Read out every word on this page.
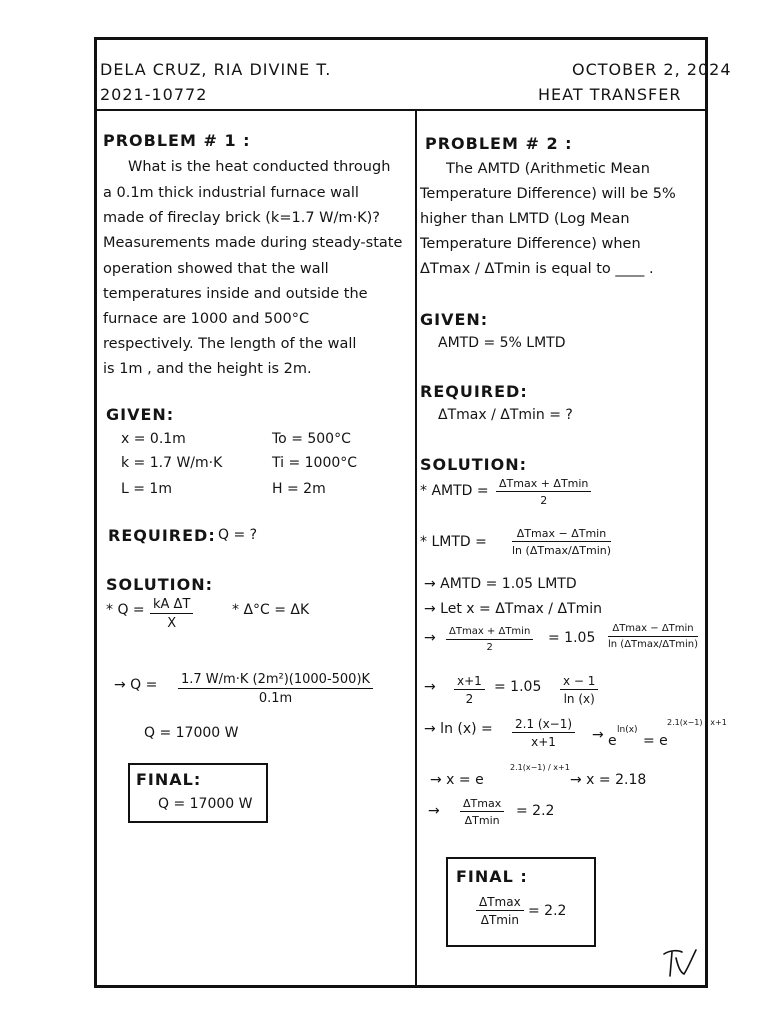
DELA CRUZ, RIA DIVINE T.
2021-10772
OCTOBER 2, 2024
HEAT TRANSFER
PROBLEM # 1 :
What is the heat conducted through
a 0.1m thick industrial furnace wall
made of fireclay brick (k=1.7 W/m·K)?
Measurements made during steady-state
operation showed that the wall
temperatures inside and outside the
furnace are 1000 and 500°C
respectively. The length of the wall
is 1m , and the height is 2m.
GIVEN:
x = 0.1m
k = 1.7 W/m·K
L = 1m
To = 500°C
Ti = 1000°C
H = 2m
REQUIRED: Q = ?
SOLUTION:
* $Q = \frac{\text{kA ΔT}}{X}$	* Δ°C = ΔK
→ $Q = \frac{\text{1.7 W/m·K (2m²)(1000-500)K}}{0.1m}$
Q = 17000 W
FINAL:
Q = 17000 W
PROBLEM # 2 :
The AMTD (Arithmetic Mean
Temperature Difference) will be 5%
higher than LMTD (Log Mean
Temperature Difference) when
ΔTmax / ΔTmin is equal to ____ .
GIVEN:
AMTD = 5% LMTD
REQUIRED:
ΔTmax / ΔTmin = ?
SOLUTION:
* AMTD = ΔTmax + ΔTmin
2
* LMTD =
ΔTmax − ΔTmin
ln (ΔTmax/ΔTmin)
→ AMTD = 1.05 LMTD
→ Let x = ΔTmax / ΔTmin
→	ΔTmax + ΔTmin
2
= 1.05
ΔTmax − ΔTmin
ln (ΔTmax/ΔTmin)
→ $\frac{x+1}{2} = 1.05 \frac{x - 1}{\ln (x)}$
→ $\ln (x) = \frac{2.1 (x-1)}{x+1} \to e$
ln(x)
= e
2.1(x−1) / x+1
→ x = e
2.1(x−1) / x+1
→ x = 2.18
→ ΔTmax
ΔTmin
= 2.2
FINAL :
ΔTmax
ΔTmin
= 2.2
